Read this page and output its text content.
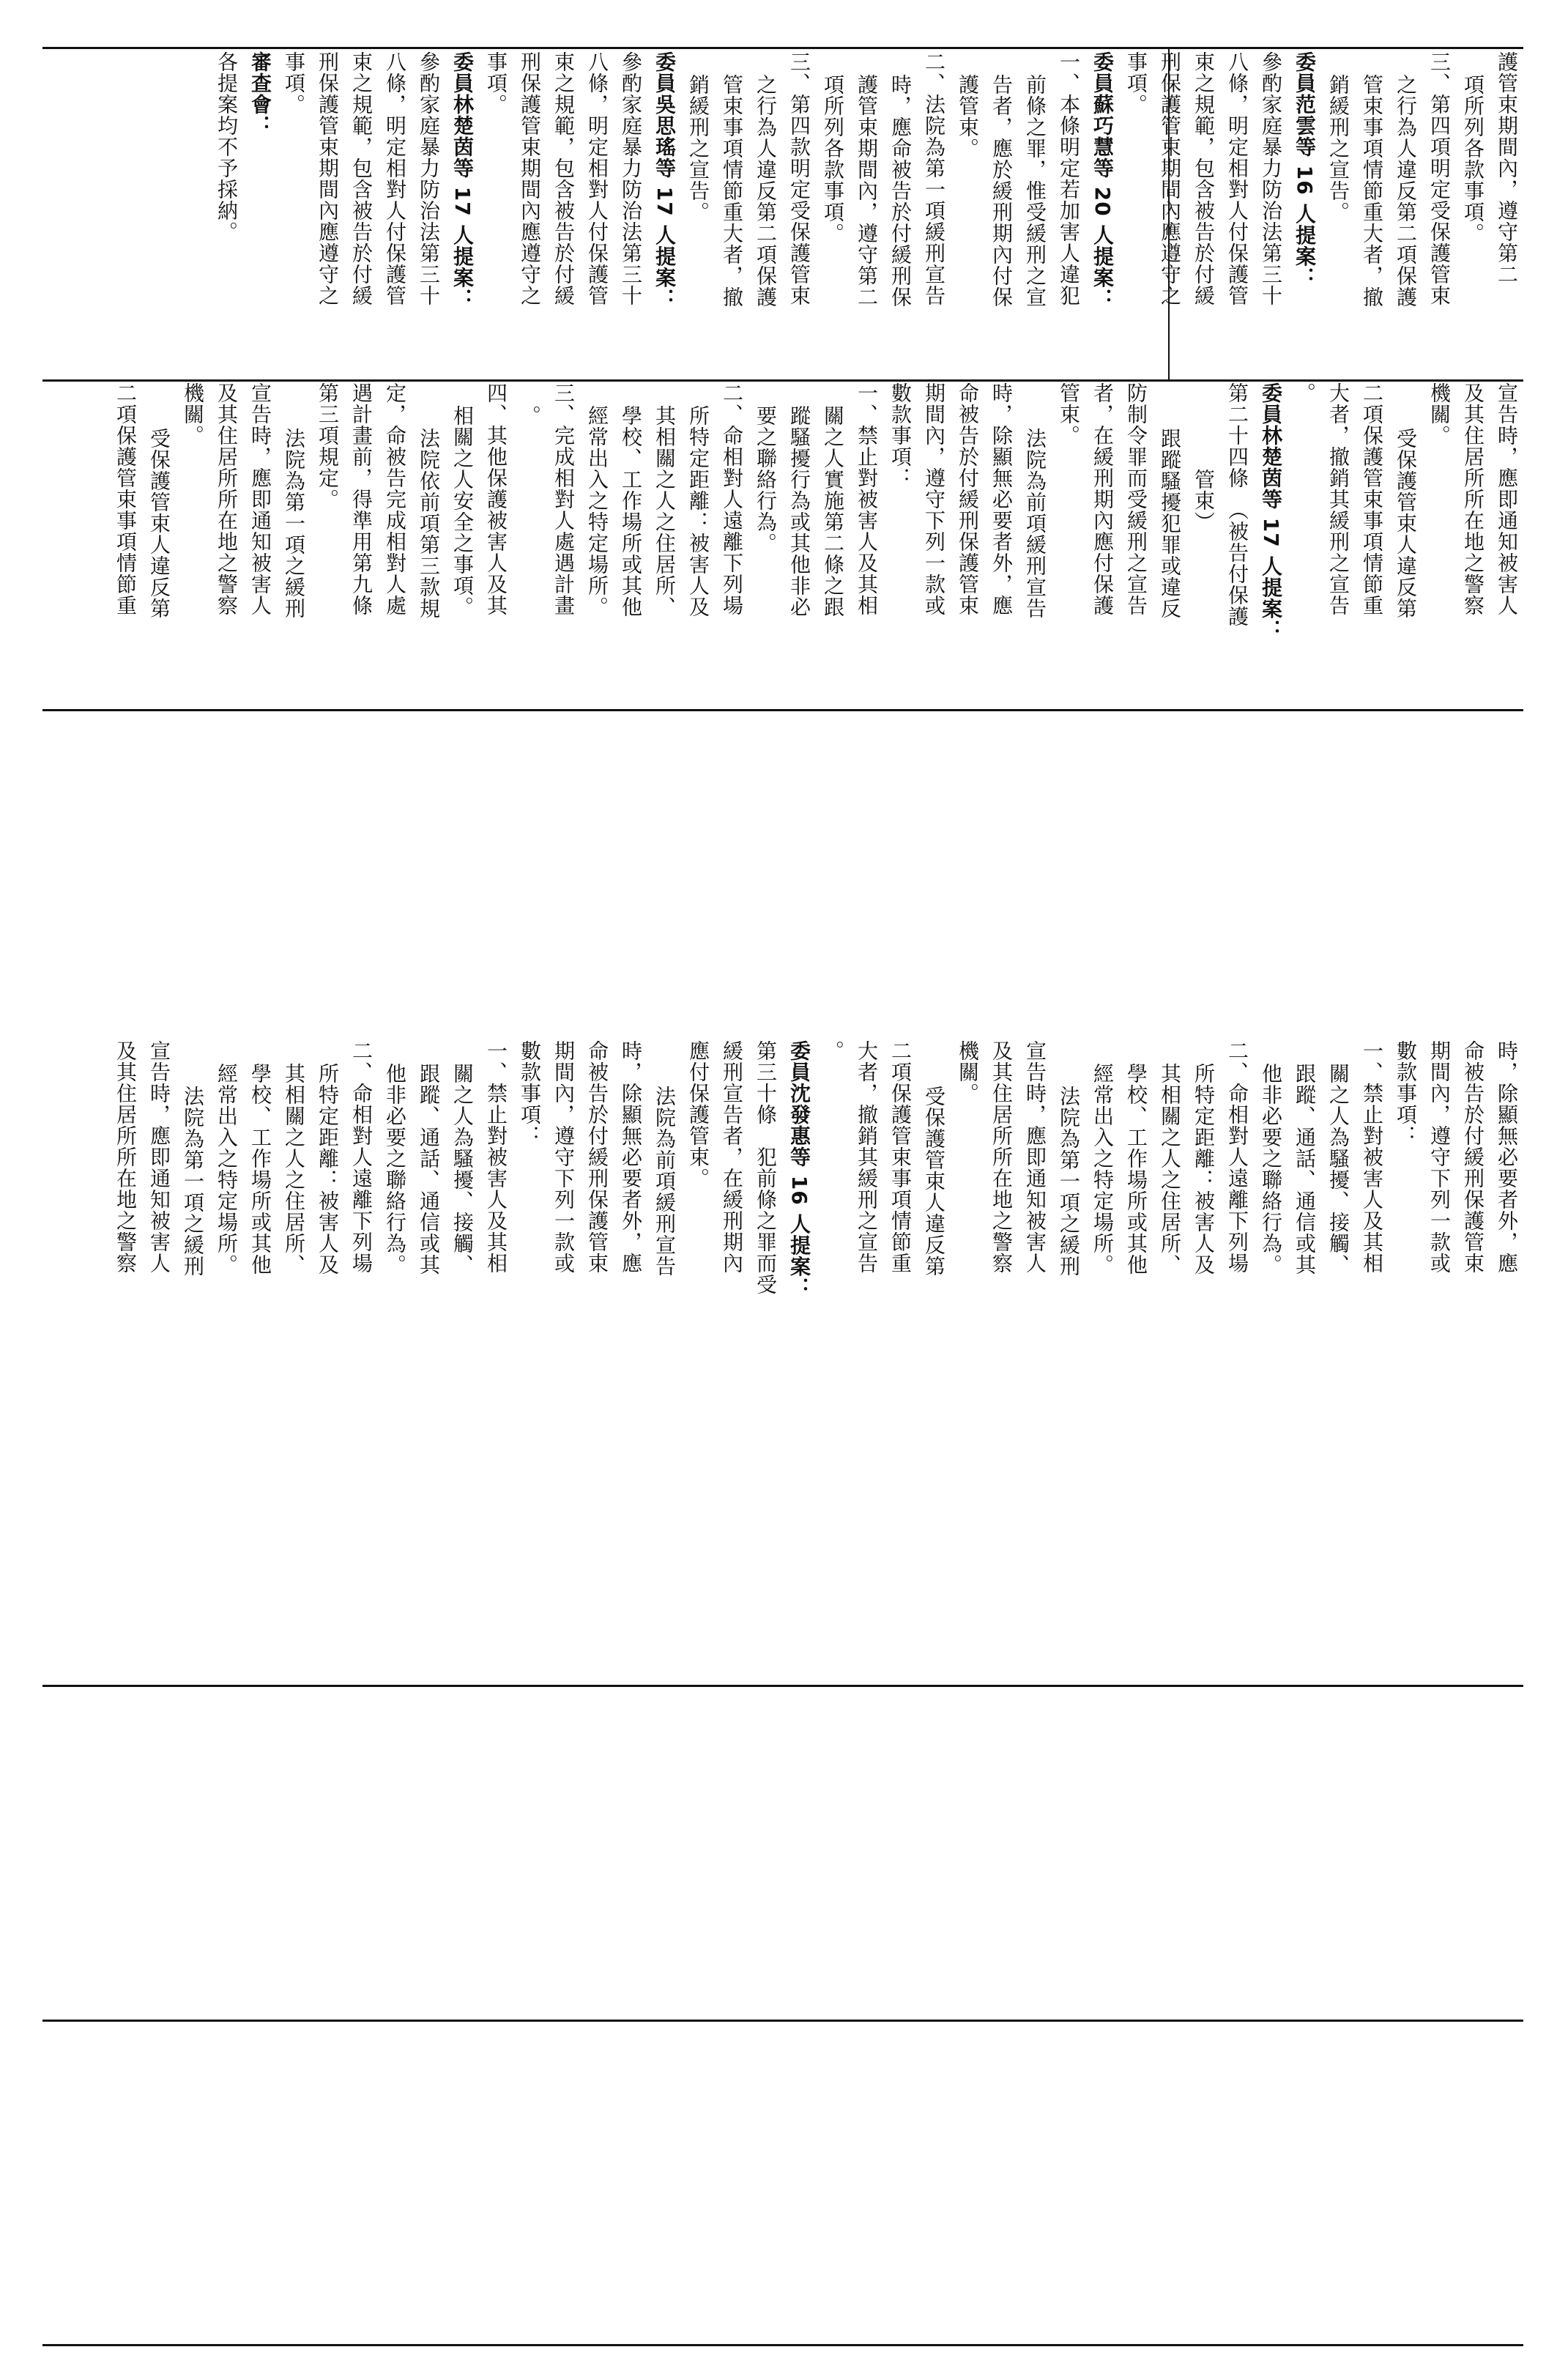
護管束期間內，遵守第二
項所列各款事項。
三、第四項明定受保護管束
之行為人違反第二項保護
管束事項情節重大者，撤
銷緩刑之宣告。
委員范雲等 16 人提案：
參酌家庭暴力防治法第三十
八條，明定相對人付保護管
束之規範，包含被告於付緩
刑保護管束期間內應遵守之
事項。
委員蘇巧慧等 20 人提案：
一、本條明定若加害人違犯
前條之罪，惟受緩刑之宣
告者，應於緩刑期內付保
護管束。
二、法院為第一項緩刑宣告
時，應命被告於付緩刑保
護管束期間內，遵守第二
項所列各款事項。
三、第四款明定受保護管束
之行為人違反第二項保護
管束事項情節重大者，撤
銷緩刑之宣告。
委員吳思瑤等 17 人提案：
參酌家庭暴力防治法第三十
八條，明定相對人付保護管
束之規範，包含被告於付緩
刑保護管束期間內應遵守之
事項。
委員林楚茵等 17 人提案：
參酌家庭暴力防治法第三十
八條，明定相對人付保護管
束之規範，包含被告於付緩
刑保護管束期間內應遵守之
事項。
審查會：
各提案均不予採納。
宣告時，應即通知被害人
及其住居所所在地之警察
機關。
受保護管束人違反第
二項保護管束事項情節重
大者，撤銷其緩刑之宣告
。
委員林楚茵等 17 人提案：
第二十四條　（被告付保護
管束）
跟蹤騷擾犯罪或違反
防制令罪而受緩刑之宣告
者，在緩刑期內應付保護
管束。
法院為前項緩刑宣告
時，除顯無必要者外，應
命被告於付緩刑保護管束
期間內，遵守下列一款或
數款事項：
一、禁止對被害人及其相
關之人實施第二條之跟
蹤騷擾行為或其他非必
要之聯絡行為。
二、命相對人遠離下列場
所特定距離：被害人及
其相關之人之住居所、
學校、工作場所或其他
經常出入之特定場所。
三、完成相對人處遇計畫
。
四、其他保護被害人及其
相關之人安全之事項。
法院依前項第三款規
定，命被告完成相對人處
遇計畫前，得準用第九條
第三項規定。
法院為第一項之緩刑
宣告時，應即通知被害人
及其住居所所在地之警察
機關。
受保護管束人違反第
二項保護管束事項情節重
時，除顯無必要者外，應
命被告於付緩刑保護管束
期間內，遵守下列一款或
數款事項：
一、禁止對被害人及其相
關之人為騷擾、接觸、
跟蹤、通話、通信或其
他非必要之聯絡行為。
二、命相對人遠離下列場
所特定距離：被害人及
其相關之人之住居所、
學校、工作場所或其他
經常出入之特定場所。
法院為第一項之緩刑
宣告時，應即通知被害人
及其住居所所在地之警察
機關。
受保護管束人違反第
二項保護管束事項情節重
大者，撤銷其緩刑之宣告
。
委員沈發惠等 16 人提案：
第三十條　犯前條之罪而受
緩刑宣告者，在緩刑期內
應付保護管束。
法院為前項緩刑宣告
時，除顯無必要者外，應
命被告於付緩刑保護管束
期間內，遵守下列一款或
數款事項：
一、禁止對被害人及其相
關之人為騷擾、接觸、
跟蹤、通話、通信或其
他非必要之聯絡行為。
二、命相對人遠離下列場
所特定距離：被害人及
其相關之人之住居所、
學校、工作場所或其他
經常出入之特定場所。
法院為第一項之緩刑
宣告時，應即通知被害人
及其住居所所在地之警察
